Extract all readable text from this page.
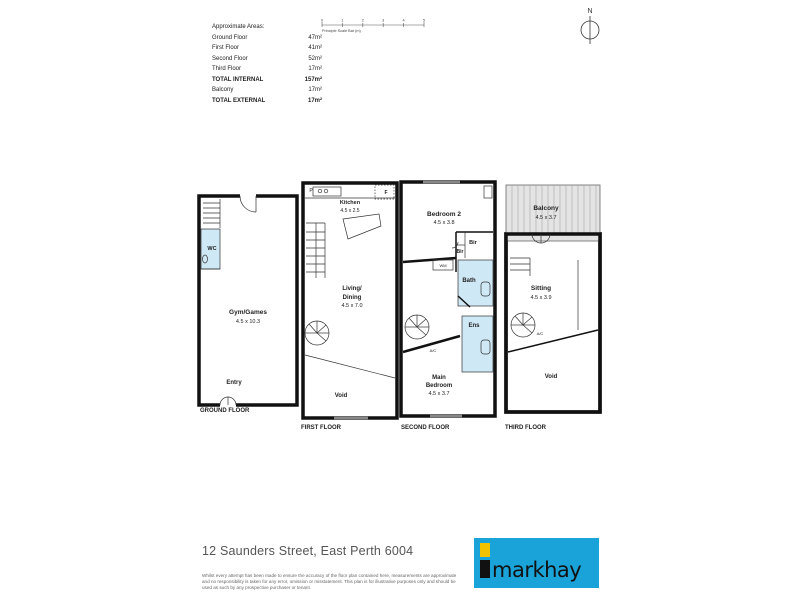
Approximate Areas:
Ground Floor	47m²
First Floor	41m²
Second Floor	52m²
Third Floor	17m²
TOTAL INTERNAL	157m²
Balcony	17m²
TOTAL EXTERNAL	17m²
0	1	2	3	4	5
Principle Scale Bar (m)
N
Gym/Games
4.5 x 10.3
WC
Entry
Kitchen
4.5 x 2.5
Living/
Dining
4.5 x 7.0
Void
P	F
Bedroom 2
4.5 x 3.8
Bir
Bir
Bath
Ens
Main
Bedroom
4.5 x 3.7
A/C
WM
Balcony
4.5 x 3.7
Sitting
4.5 x 3.9
Void
A/C
GROUND FLOOR
FIRST FLOOR	SECOND FLOOR	THIRD FLOOR
12 Saunders Street, East Perth 6004
Whilst every attempt has been made to ensure the accuracy of the floor plan contained here, measurements are approximate and no responsibility is taken for any error, omission or misstatement. This plan is for illustrative purposes only and should be used as such by any prospective purchaser or tenant.
markhay
